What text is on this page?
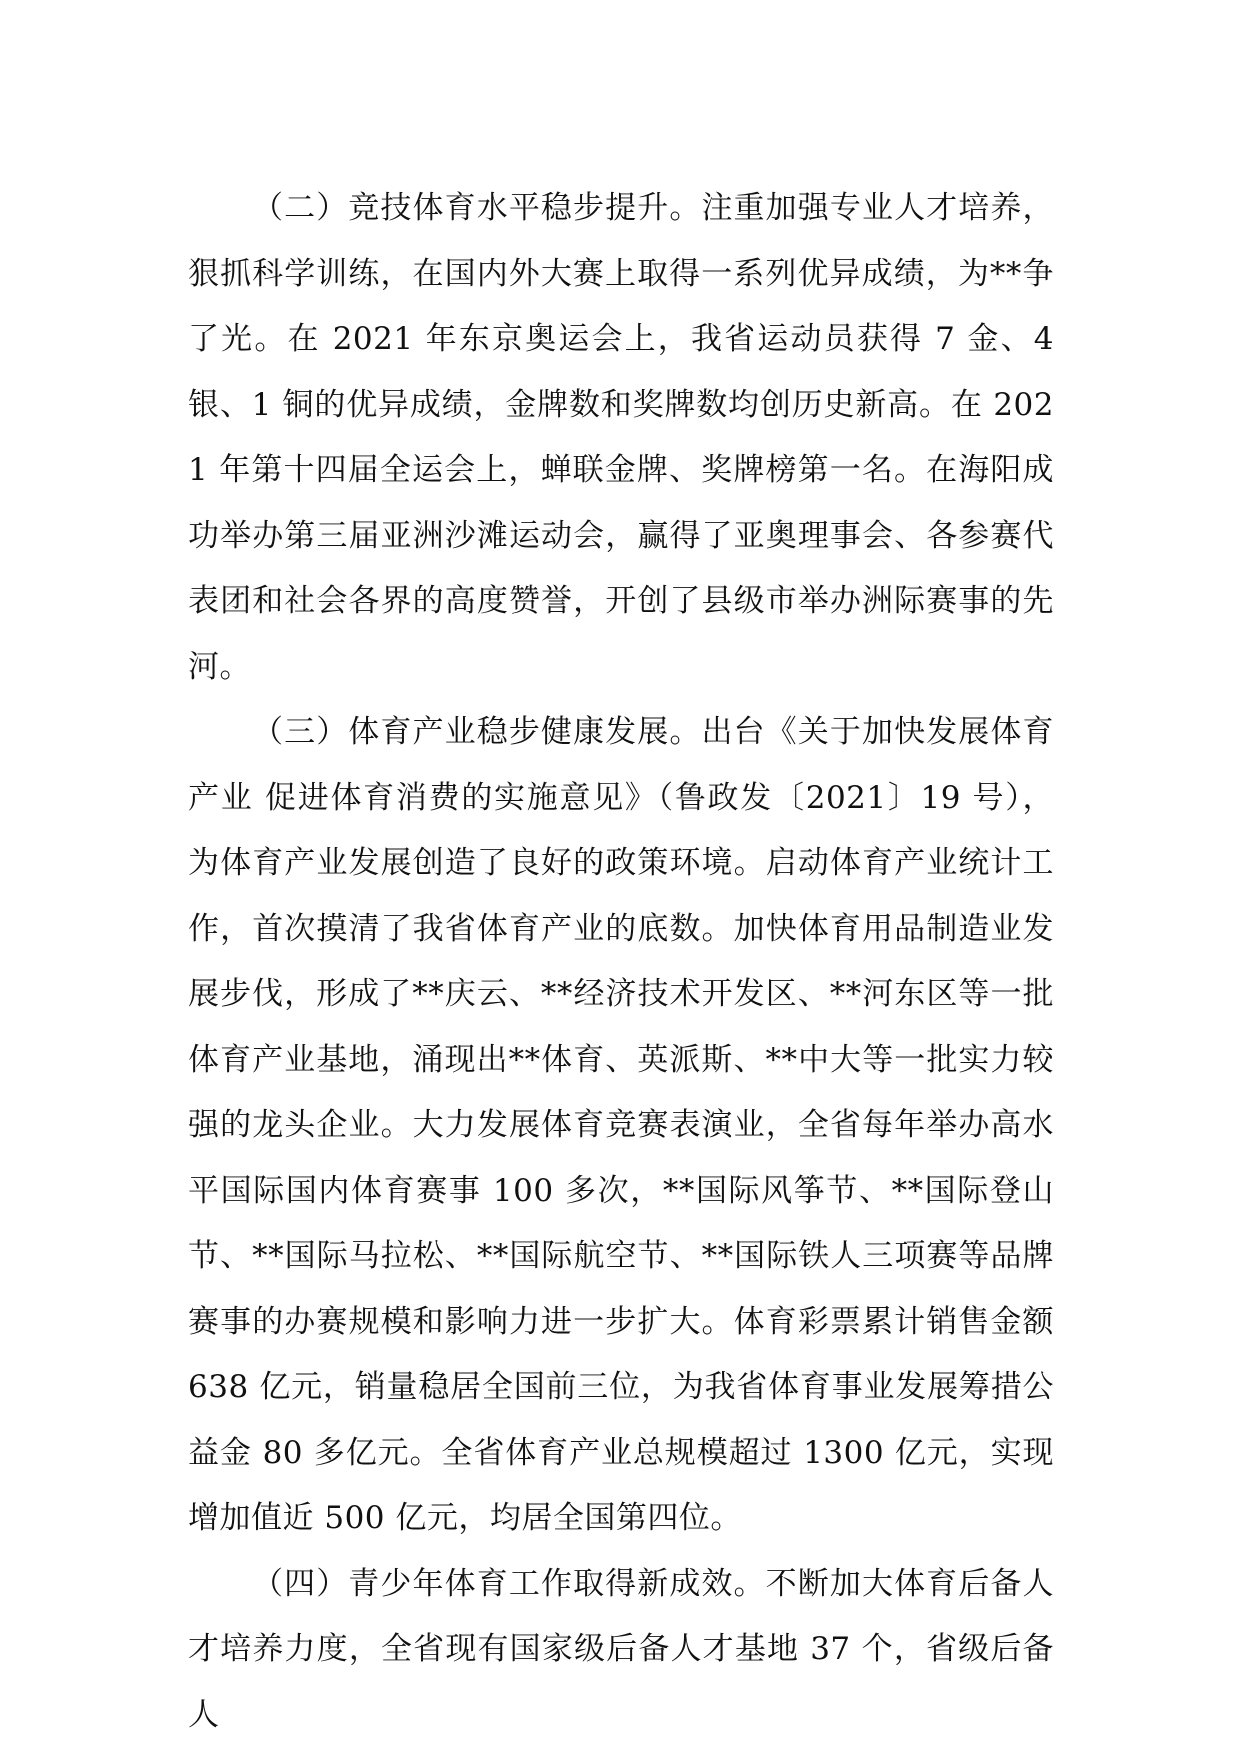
（二）竞技体育水平稳步提升。注重加强专业人才培养，狠抓科学训练，在国内外大赛上取得一系列优异成绩，为**争了光。在 2021 年东京奥运会上，我省运动员获得 7 金、4 银、1 铜的优异成绩，金牌数和奖牌数均创历史新高。在 2021 年第十四届全运会上，蝉联金牌、奖牌榜第一名。在海阳成功举办第三届亚洲沙滩运动会，赢得了亚奥理事会、各参赛代表团和社会各界的高度赞誉，开创了县级市举办洲际赛事的先河。

（三）体育产业稳步健康发展。出台《关于加快发展体育产业 促进体育消费的实施意见》（鲁政发〔2021〕19 号），为体育产业发展创造了良好的政策环境。启动体育产业统计工作，首次摸清了我省体育产业的底数。加快体育用品制造业发展步伐，形成了**庆云、**经济技术开发区、**河东区等一批体育产业基地，涌现出**体育、英派斯、**中大等一批实力较强的龙头企业。大力发展体育竞赛表演业，全省每年举办高水平国际国内体育赛事 100 多次，**国际风筝节、**国际登山节、**国际马拉松、**国际航空节、**国际铁人三项赛等品牌赛事的办赛规模和影响力进一步扩大。体育彩票累计销售金额 638 亿元，销量稳居全国前三位，为我省体育事业发展筹措公益金 80 多亿元。全省体育产业总规模超过 1300 亿元，实现增加值近 500 亿元，均居全国第四位。

（四）青少年体育工作取得新成效。不断加大体育后备人才培养力度，全省现有国家级后备人才基地 37 个，省级后备人
